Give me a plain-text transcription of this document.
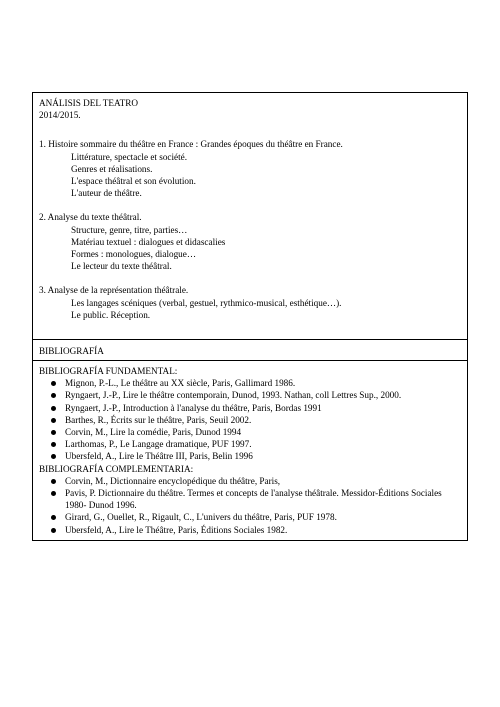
ANÁLISIS DEL TEATRO
2014/2015.
1. Histoire sommaire du théâtre en France : Grandes époques du théâtre en France.
Littérature, spectacle et société.
Genres et réalisations.
L'espace théâtral et son évolution.
L'auteur de théâtre.
2. Analyse du texte théâtral.
Structure, genre, titre, parties…
Matériau textuel : dialogues et didascalies
Formes : monologues, dialogue…
Le lecteur du texte théâtral.
3. Analyse de la représentation théâtrale.
Les langages scéniques (verbal, gestuel, rythmico-musical, esthétique…).
Le public. Réception.
BIBLIOGRAFÍA
BIBLIOGRAFÍA FUNDAMENTAL:
Mignon, P.-L., Le théâtre au XX siècle, Paris, Gallimard 1986.
Ryngaert, J.-P., Lire le théâtre contemporain, Dunod, 1993. Nathan, coll Lettres Sup., 2000.
Ryngaert, J.-P., Introduction à l'analyse du théâtre, Paris, Bordas 1991
Barthes, R., Écrits sur le théâtre, Paris, Seuil 2002.
Corvin, M., Lire la comédie, Paris, Dunod 1994
Larthomas, P., Le Langage dramatique, PUF 1997.
Ubersfeld, A., Lire le Théâtre III, Paris, Belin 1996
BIBLIOGRAFÍA COMPLEMENTARIA:
Corvin, M., Dictionnaire encyclopédique du théâtre, Paris,
Pavis, P. Dictionnaire du théâtre. Termes et concepts de l'analyse théâtrale. Messidor-Éditions Sociales 1980- Dunod 1996.
Girard, G., Ouellet, R., Rigault, C., L'univers du théâtre, Paris, PUF 1978.
Ubersfeld, A., Lire le Théâtre, Paris, Éditions Sociales 1982.
